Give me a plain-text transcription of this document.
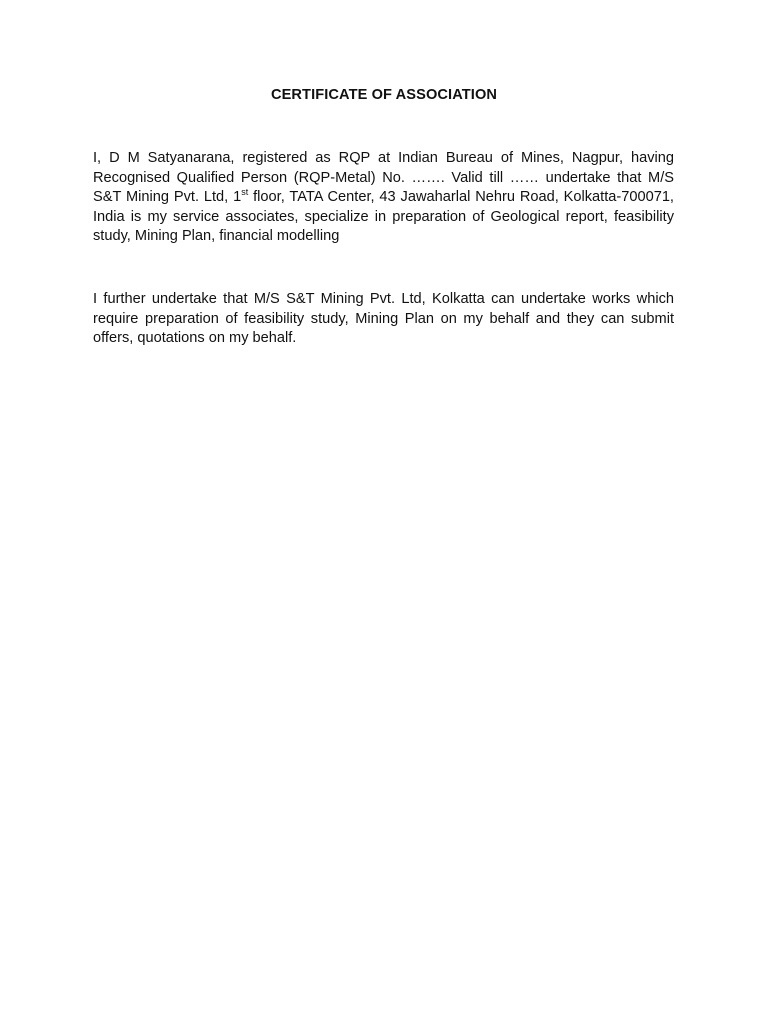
CERTIFICATE OF ASSOCIATION

I, D M Satyanarana, registered as RQP at Indian Bureau of Mines, Nagpur, having Recognised Qualified Person (RQP-Metal) No. ……. Valid till …… undertake that M/S S&T Mining Pvt. Ltd, 1st floor, TATA Center, 43 Jawaharlal Nehru Road, Kolkatta-700071, India is my service associates, specialize in preparation of Geological report, feasibility study, Mining Plan, financial modelling

I further undertake that M/S S&T Mining Pvt. Ltd, Kolkatta can undertake works which require preparation of feasibility study, Mining Plan on my behalf and they can submit offers, quotations on my behalf.
